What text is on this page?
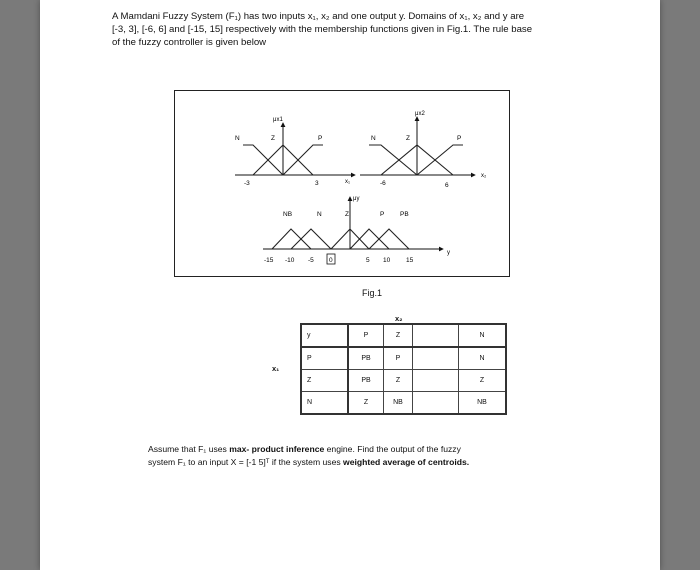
A Mamdani Fuzzy System (F₁) has two inputs x₁, x₂ and one output y. Domains of x₁, x₂ and y are
[-3, 3], [-6, 6] and [-15, 15] respectively with the membership functions given in Fig.1. The rule base
of the fuzzy controller is given below
μx1
N	Z	P
-3	3	x₁
μx2
N	Z	P
-6	6
x₂
μy
NB	N	Z	P PB
-15 -10 -5 0	5 10 15
y
Fig.1
x₂
x₁
y	P	Z		N
P	PB	P		N
Z	PB	Z		Z
N	Z	NB		NB
Assume that F₁ uses max- product inference engine. Find the output of the fuzzy
system F₁ to an input X = [-1 5]ᵀ if the system uses weighted average of centroids.
